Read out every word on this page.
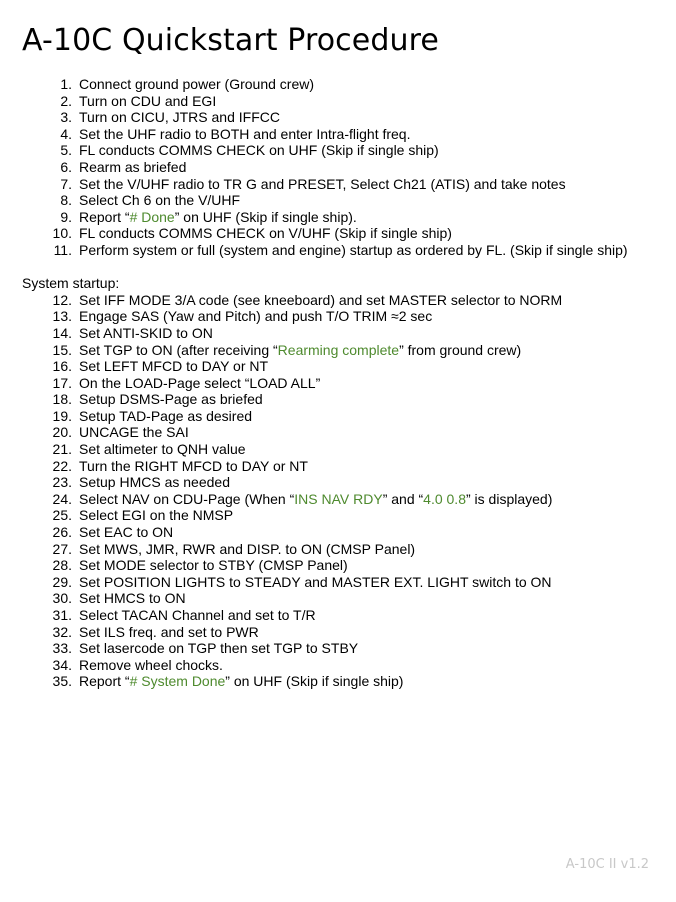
A-10C Quickstart Procedure
1. Connect ground power (Ground crew)
2. Turn on CDU and EGI
3. Turn on CICU, JTRS and IFFCC
4. Set the UHF radio to BOTH and enter Intra-flight freq.
5. FL conducts COMMS CHECK on UHF (Skip if single ship)
6. Rearm as briefed
7. Set the V/UHF radio to TR G and PRESET, Select Ch21 (ATIS) and take notes
8. Select Ch 6 on the V/UHF
9. Report “# Done” on UHF (Skip if single ship).
10. FL conducts COMMS CHECK on V/UHF (Skip if single ship)
11. Perform system or full (system and engine) startup as ordered by FL. (Skip if single ship)
System startup:
12. Set IFF MODE 3/A code (see kneeboard) and set MASTER selector to NORM
13. Engage SAS (Yaw and Pitch) and push T/O TRIM ≈2 sec
14. Set ANTI-SKID to ON
15. Set TGP to ON (after receiving “Rearming complete” from ground crew)
16. Set LEFT MFCD to DAY or NT
17. On the LOAD-Page select “LOAD ALL”
18. Setup DSMS-Page as briefed
19. Setup TAD-Page as desired
20. UNCAGE the SAI
21. Set altimeter to QNH value
22. Turn the RIGHT MFCD to DAY or NT
23. Setup HMCS as needed
24. Select NAV on CDU-Page (When “INS NAV RDY” and “4.0 0.8” is displayed)
25. Select EGI on the NMSP
26. Set EAC to ON
27. Set MWS, JMR, RWR and DISP. to ON (CMSP Panel)
28. Set MODE selector to STBY (CMSP Panel)
29. Set POSITION LIGHTS to STEADY and MASTER EXT. LIGHT switch to ON
30. Set HMCS to ON
31. Select TACAN Channel and set to T/R
32. Set ILS freq. and set to PWR
33. Set lasercode on TGP then set TGP to STBY
34. Remove wheel chocks.
35. Report “# System Done” on UHF (Skip if single ship)
A-10C II v1.2
